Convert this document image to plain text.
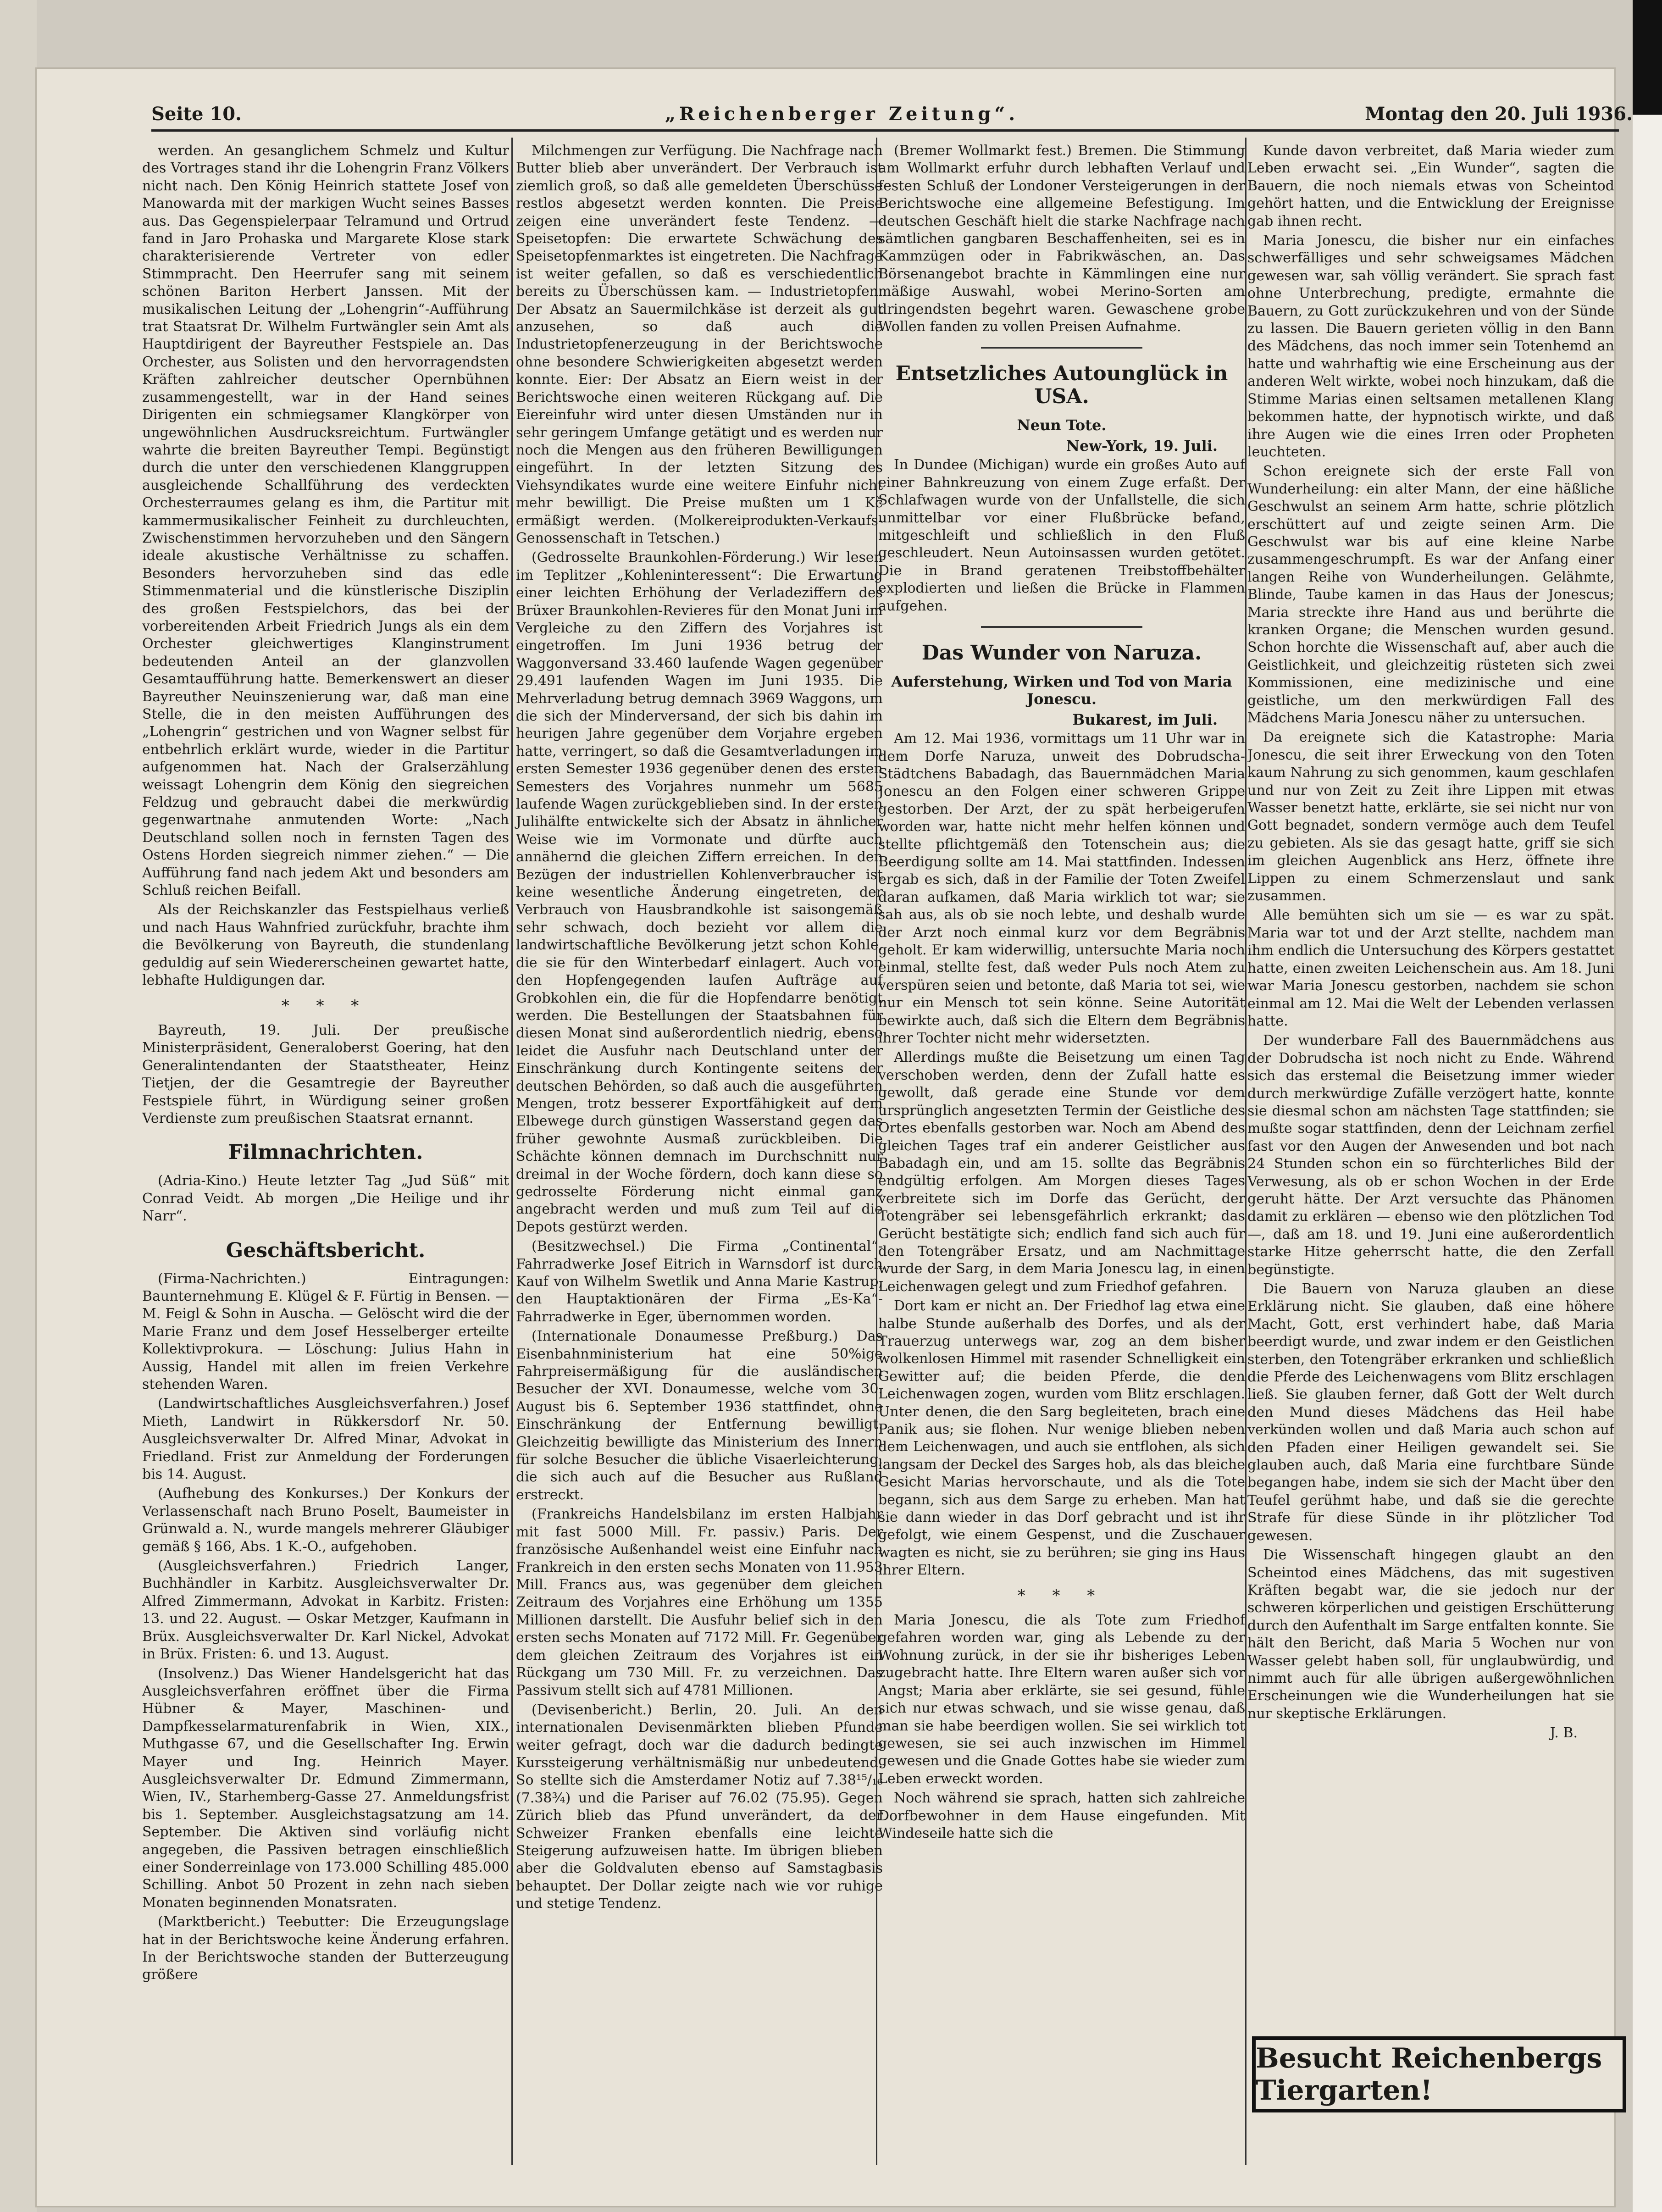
Seite 10.	„Reichenberger Zeitung“.	Montag den 20. Juli 1936.

werden. An gesanglichem Schmelz und Kultur des Vortrages stand ihr die Lohengrin Franz Völkers nicht nach. Den König Heinrich stattete Josef von Manowarda mit der markigen Wucht seines Basses aus. Das Gegenspielerpaar Telramund und Ortrud fand in Jaro Prohaska und Margarete Klose stark charakterisierende Vertreter von edler Stimmpracht. Den Heerrufer sang mit seinem schönen Bariton Herbert Janssen. Mit der musikalischen Leitung der „Lohengrin“-Aufführung trat Staatsrat Dr. Wilhelm Furtwängler sein Amt als Hauptdirigent der Bayreuther Festspiele an. Das Orchester, aus Solisten und den hervorragendsten Kräften zahlreicher deutscher Opernbühnen zusammengestellt, war in der Hand seines Dirigenten ein schmiegsamer Klangkörper von ungewöhnlichen Ausdrucksreichtum. Furtwängler wahrte die breiten Bayreuther Tempi. Begünstigt durch die unter den verschiedenen Klanggruppen ausgleichende Schallführung des verdeckten Orchesterraumes gelang es ihm, die Partitur mit kammermusikalischer Feinheit zu durchleuchten, Zwischenstimmen hervorzuheben und den Sängern ideale akustische Verhältnisse zu schaffen. Besonders hervorzuheben sind das edle Stimmenmaterial und die künstlerische Disziplin des großen Festspielchors, das bei der vorbereitenden Arbeit Friedrich Jungs als ein dem Orchester gleichwertiges Klanginstrument bedeutenden Anteil an der glanzvollen Gesamtaufführung hatte. Bemerkenswert an dieser Bayreuther Neuinszenierung war, daß man eine Stelle, die in den meisten Aufführungen des „Lohengrin“ gestrichen und von Wagner selbst für entbehrlich erklärt wurde, wieder in die Partitur aufgenommen hat. Nach der Gralserzählung weissagt Lohengrin dem König den siegreichen Feldzug und gebraucht dabei die merkwürdig gegenwartnahe anmutenden Worte: „Nach Deutschland sollen noch in fernsten Tagen des Ostens Horden siegreich nimmer ziehen.“ — Die Aufführung fand nach jedem Akt und besonders am Schluß reichen Beifall.

Als der Reichskanzler das Festspielhaus verließ und nach Haus Wahnfried zurückfuhr, brachte ihm die Bevölkerung von Bayreuth, die stundenlang geduldig auf sein Wiedererscheinen gewartet hatte, lebhafte Huldigungen dar.

* * *

Bayreuth, 19. Juli. Der preußische Ministerpräsident, Generaloberst Goering, hat den Generalintendanten der Staatstheater, Heinz Tietjen, der die Gesamtregie der Bayreuther Festspiele führt, in Würdigung seiner großen Verdienste zum preußischen Staatsrat ernannt.

Filmnachrichten.

(Adria-Kino.) Heute letzter Tag „Jud Süß“ mit Conrad Veidt. Ab morgen „Die Heilige und ihr Narr“.

Geschäftsbericht.

(Firma-Nachrichten.) Eintragungen: Baunternehmung E. Klügel & F. Fürtig in Bensen. — M. Feigl & Sohn in Auscha. — Gelöscht wird die der Marie Franz und dem Josef Hesselberger erteilte Kollektivprokura. — Löschung: Julius Hahn in Aussig, Handel mit allen im freien Verkehre stehenden Waren.

(Landwirtschaftliches Ausgleichsverfahren.) Josef Mieth, Landwirt in Rükkersdorf Nr. 50. Ausgleichsverwalter Dr. Alfred Minar, Advokat in Friedland. Frist zur Anmeldung der Forderungen bis 14. August.

(Aufhebung des Konkurses.) Der Konkurs der Verlassenschaft nach Bruno Poselt, Baumeister in Grünwald a. N., wurde mangels mehrerer Gläubiger gemäß § 166, Abs. 1 K.-O., aufgehoben.

(Ausgleichsverfahren.) Friedrich Langer, Buchhändler in Karbitz. Ausgleichsverwalter Dr. Alfred Zimmermann, Advokat in Karbitz. Fristen: 13. und 22. August. — Oskar Metzger, Kaufmann in Brüx. Ausgleichsverwalter Dr. Karl Nickel, Advokat in Brüx. Fristen: 6. und 13. August.

(Insolvenz.) Das Wiener Handelsgericht hat das Ausgleichsverfahren eröffnet über die Firma Hübner & Mayer, Maschinen- und Dampfkesselarmaturenfabrik in Wien, XIX., Muthgasse 67, und die Gesellschafter Ing. Erwin Mayer und Ing. Heinrich Mayer. Ausgleichsverwalter Dr. Edmund Zimmermann, Wien, IV., Starhemberg-Gasse 27. Anmeldungsfrist bis 1. September. Ausgleichstagsatzung am 14. September. Die Aktiven sind vorläufig nicht angegeben, die Passiven betragen einschließlich einer Sonderreinlage von 173.000 Schilling 485.000 Schilling. Anbot 50 Prozent in zehn nach sieben Monaten beginnenden Monatsraten.

(Marktbericht.) Teebutter: Die Erzeugungslage hat in der Berichtswoche keine Änderung erfahren. In der Berichtswoche standen der Butterzeugung größere

Milchmengen zur Verfügung. Die Nachfrage nach Butter blieb aber unverändert. Der Verbrauch ist ziemlich groß, so daß alle gemeldeten Überschüsse restlos abgesetzt werden konnten. Die Preise zeigen eine unverändert feste Tendenz. — Speisetopfen: Die erwartete Schwächung des Speisetopfenmarktes ist eingetreten. Die Nachfrage ist weiter gefallen, so daß es verschiedentlich bereits zu Überschüssen kam. — Industrietopfen: Der Absatz an Sauermilchkäse ist derzeit als gut anzusehen, so daß auch die Industrietopfenerzeugung in der Berichtswoche ohne besondere Schwierigkeiten abgesetzt werden konnte. Eier: Der Absatz an Eiern weist in der Berichtswoche einen weiteren Rückgang auf. Die Eiereinfuhr wird unter diesen Umständen nur in sehr geringem Umfange getätigt und es werden nur noch die Mengen aus den früheren Bewilligungen eingeführt. In der letzten Sitzung des Viehsyndikates wurde eine weitere Einfuhr nicht mehr bewilligt. Die Preise mußten um 1 Kč ermäßigt werden. (Molkereiprodukten-Verkaufs-Genossenschaft in Tetschen.)

(Gedrosselte Braunkohlen-Förderung.) Wir lesen im Teplitzer „Kohleninteressent“: Die Erwartung einer leichten Erhöhung der Verladeziffern des Brüxer Braunkohlen-Revieres für den Monat Juni im Vergleiche zu den Ziffern des Vorjahres ist eingetroffen. Im Juni 1936 betrug der Waggonversand 33.460 laufende Wagen gegenüber 29.491 laufenden Wagen im Juni 1935. Die Mehrverladung betrug demnach 3969 Waggons, um die sich der Minderversand, der sich bis dahin im heurigen Jahre gegenüber dem Vorjahre ergeben hatte, verringert, so daß die Gesamtverladungen im ersten Semester 1936 gegenüber denen des ersten Semesters des Vorjahres nunmehr um 5685 laufende Wagen zurückgeblieben sind. In der ersten Julihälfte entwickelte sich der Absatz in ähnlicher Weise wie im Vormonate und dürfte auch annähernd die gleichen Ziffern erreichen. In den Bezügen der industriellen Kohlenverbraucher ist keine wesentliche Änderung eingetreten, der Verbrauch von Hausbrandkohle ist saisongemäß sehr schwach, doch bezieht vor allem die landwirtschaftliche Bevölkerung jetzt schon Kohle, die sie für den Winterbedarf einlagert. Auch von den Hopfengegenden laufen Aufträge auf Grobkohlen ein, die für die Hopfendarre benötigt werden. Die Bestellungen der Staatsbahnen für diesen Monat sind außerordentlich niedrig, ebenso leidet die Ausfuhr nach Deutschland unter der Einschränkung durch Kontingente seitens der deutschen Behörden, so daß auch die ausgeführten Mengen, trotz besserer Exportfähigkeit auf dem Elbewege durch günstigen Wasserstand gegen das früher gewohnte Ausmaß zurückbleiben. Die Schächte können demnach im Durchschnitt nur dreimal in der Woche fördern, doch kann diese so gedrosselte Förderung nicht einmal ganz angebracht werden und muß zum Teil auf die Depots gestürzt werden.

(Besitzwechsel.) Die Firma „Continental“-Fahrradwerke Josef Eitrich in Warnsdorf ist durch Kauf von Wilhelm Swetlik und Anna Marie Kastrup, den Hauptaktionären der Firma „Es-Ka“-Fahrradwerke in Eger, übernommen worden.

(Internationale Donaumesse Preßburg.) Das Eisenbahnministerium hat eine 50%ige Fahrpreisermäßigung für die ausländischen Besucher der XVI. Donaumesse, welche vom 30. August bis 6. September 1936 stattfindet, ohne Einschränkung der Entfernung bewilligt. Gleichzeitig bewilligte das Ministerium des Innern für solche Besucher die übliche Visaerleichterung, die sich auch auf die Besucher aus Rußland erstreckt.

(Frankreichs Handelsbilanz im ersten Halbjahr mit fast 5000 Mill. Fr. passiv.) Paris. Der französische Außenhandel weist eine Einfuhr nach Frankreich in den ersten sechs Monaten von 11.953 Mill. Francs aus, was gegenüber dem gleichen Zeitraum des Vorjahres eine Erhöhung um 1355 Millionen darstellt. Die Ausfuhr belief sich in den ersten sechs Monaten auf 7172 Mill. Fr. Gegenüber dem gleichen Zeitraum des Vorjahres ist ein Rückgang um 730 Mill. Fr. zu verzeichnen. Das Passivum stellt sich auf 4781 Millionen.

(Devisenbericht.) Berlin, 20. Juli. An den internationalen Devisenmärkten blieben Pfunde weiter gefragt, doch war die dadurch bedingte Kurssteigerung verhältnismäßig nur unbedeutend. So stellte sich die Amsterdamer Notiz auf 7.38¹⁵/₁₆ (7.38¾) und die Pariser auf 76.02 (75.95). Gegen Zürich blieb das Pfund unverändert, da der Schweizer Franken ebenfalls eine leichte Steigerung aufzuweisen hatte. Im übrigen blieben aber die Goldvaluten ebenso auf Samstagbasis behauptet. Der Dollar zeigte nach wie vor ruhige und stetige Tendenz.

(Bremer Wollmarkt fest.) Bremen. Die Stimmung am Wollmarkt erfuhr durch lebhaften Verlauf und festen Schluß der Londoner Versteigerungen in der Berichtswoche eine allgemeine Befestigung. Im deutschen Geschäft hielt die starke Nachfrage nach sämtlichen gangbaren Beschaffenheiten, sei es in Kammzügen oder in Fabrikwäschen, an. Das Börsenangebot brachte in Kämmlingen eine nur mäßige Auswahl, wobei Merino-Sorten am dringendsten begehrt waren. Gewaschene grobe Wollen fanden zu vollen Preisen Aufnahme.

Entsetzliches Autounglück in USA.
Neun Tote.
New-York, 19. Juli.

In Dundee (Michigan) wurde ein großes Auto auf einer Bahnkreuzung von einem Zuge erfaßt. Der Schlafwagen wurde von der Unfallstelle, die sich unmittelbar vor einer Flußbrücke befand, mitgeschleift und schließlich in den Fluß geschleudert. Neun Autoinsassen wurden getötet. Die in Brand geratenen Treibstoffbehälter explodierten und ließen die Brücke in Flammen aufgehen.

Das Wunder von Naruza.
Auferstehung, Wirken und Tod von Maria Jonescu.
Bukarest, im Juli.

Am 12. Mai 1936, vormittags um 11 Uhr war in dem Dorfe Naruza, unweit des Dobrudscha-Städtchens Babadagh, das Bauernmädchen Maria Jonescu an den Folgen einer schweren Grippe gestorben. Der Arzt, der zu spät herbeigerufen worden war, hatte nicht mehr helfen können und stellte pflichtgemäß den Totenschein aus; die Beerdigung sollte am 14. Mai stattfinden. Indessen ergab es sich, daß in der Familie der Toten Zweifel daran aufkamen, daß Maria wirklich tot war; sie sah aus, als ob sie noch lebte, und deshalb wurde der Arzt noch einmal kurz vor dem Begräbnis geholt. Er kam widerwillig, untersuchte Maria noch einmal, stellte fest, daß weder Puls noch Atem zu verspüren seien und betonte, daß Maria tot sei, wie nur ein Mensch tot sein könne. Seine Autorität bewirkte auch, daß sich die Eltern dem Begräbnis ihrer Tochter nicht mehr widersetzten.

Allerdings mußte die Beisetzung um einen Tag verschoben werden, denn der Zufall hatte es gewollt, daß gerade eine Stunde vor dem ursprünglich angesetzten Termin der Geistliche des Ortes ebenfalls gestorben war. Noch am Abend des gleichen Tages traf ein anderer Geistlicher aus Babadagh ein, und am 15. sollte das Begräbnis endgültig erfolgen. Am Morgen dieses Tages verbreitete sich im Dorfe das Gerücht, der Totengräber sei lebensgefährlich erkrankt; das Gerücht bestätigte sich; endlich fand sich auch für den Totengräber Ersatz, und am Nachmittage wurde der Sarg, in dem Maria Jonescu lag, in einen Leichenwagen gelegt und zum Friedhof gefahren.

Dort kam er nicht an. Der Friedhof lag etwa eine halbe Stunde außerhalb des Dorfes, und als der Trauerzug unterwegs war, zog an dem bisher wolkenlosen Himmel mit rasender Schnelligkeit ein Gewitter auf; die beiden Pferde, die den Leichenwagen zogen, wurden vom Blitz erschlagen. Unter denen, die den Sarg begleiteten, brach eine Panik aus; sie flohen. Nur wenige blieben neben dem Leichenwagen, und auch sie entflohen, als sich langsam der Deckel des Sarges hob, als das bleiche Gesicht Marias hervorschaute, und als die Tote begann, sich aus dem Sarge zu erheben. Man hat sie dann wieder in das Dorf gebracht und ist ihr gefolgt, wie einem Gespenst, und die Zuschauer wagten es nicht, sie zu berühren; sie ging ins Haus ihrer Eltern.

* * *

Maria Jonescu, die als Tote zum Friedhof gefahren worden war, ging als Lebende zu der Wohnung zurück, in der sie ihr bisheriges Leben zugebracht hatte. Ihre Eltern waren außer sich vor Angst; Maria aber erklärte, sie sei gesund, fühle sich nur etwas schwach, und sie wisse genau, daß man sie habe beerdigen wollen. Sie sei wirklich tot gewesen, sie sei auch inzwischen im Himmel gewesen und die Gnade Gottes habe sie wieder zum Leben erweckt worden.

Noch während sie sprach, hatten sich zahlreiche Dorfbewohner in dem Hause eingefunden. Mit Windeseile hatte sich die

Kunde davon verbreitet, daß Maria wieder zum Leben erwacht sei. „Ein Wunder“, sagten die Bauern, die noch niemals etwas von Scheintod gehört hatten, und die Entwicklung der Ereignisse gab ihnen recht.

Maria Jonescu, die bisher nur ein einfaches schwerfälliges und sehr schweigsames Mädchen gewesen war, sah völlig verändert. Sie sprach fast ohne Unterbrechung, predigte, ermahnte die Bauern, zu Gott zurückzukehren und von der Sünde zu lassen. Die Bauern gerieten völlig in den Bann des Mädchens, das noch immer sein Totenhemd an hatte und wahrhaftig wie eine Erscheinung aus der anderen Welt wirkte, wobei noch hinzukam, daß die Stimme Marias einen seltsamen metallenen Klang bekommen hatte, der hypnotisch wirkte, und daß ihre Augen wie die eines Irren oder Propheten leuchteten.

Schon ereignete sich der erste Fall von Wunderheilung: ein alter Mann, der eine häßliche Geschwulst an seinem Arm hatte, schrie plötzlich erschüttert auf und zeigte seinen Arm. Die Geschwulst war bis auf eine kleine Narbe zusammengeschrumpft. Es war der Anfang einer langen Reihe von Wunderheilungen. Gelähmte, Blinde, Taube kamen in das Haus der Jonescus; Maria streckte ihre Hand aus und berührte die kranken Organe; die Menschen wurden gesund. Schon horchte die Wissenschaft auf, aber auch die Geistlichkeit, und gleichzeitig rüsteten sich zwei Kommissionen, eine medizinische und eine geistliche, um den merkwürdigen Fall des Mädchens Maria Jonescu näher zu untersuchen.

Da ereignete sich die Katastrophe: Maria Jonescu, die seit ihrer Erweckung von den Toten kaum Nahrung zu sich genommen, kaum geschlafen und nur von Zeit zu Zeit ihre Lippen mit etwas Wasser benetzt hatte, erklärte, sie sei nicht nur von Gott begnadet, sondern vermöge auch dem Teufel zu gebieten. Als sie das gesagt hatte, griff sie sich im gleichen Augenblick ans Herz, öffnete ihre Lippen zu einem Schmerzenslaut und sank zusammen.

Alle bemühten sich um sie — es war zu spät. Maria war tot und der Arzt stellte, nachdem man ihm endlich die Untersuchung des Körpers gestattet hatte, einen zweiten Leichenschein aus. Am 18. Juni war Maria Jonescu gestorben, nachdem sie schon einmal am 12. Mai die Welt der Lebenden verlassen hatte.

Der wunderbare Fall des Bauernmädchens aus der Dobrudscha ist noch nicht zu Ende. Während sich das erstemal die Beisetzung immer wieder durch merkwürdige Zufälle verzögert hatte, konnte sie diesmal schon am nächsten Tage stattfinden; sie mußte sogar stattfinden, denn der Leichnam zerfiel fast vor den Augen der Anwesenden und bot nach 24 Stunden schon ein so fürchterliches Bild der Verwesung, als ob er schon Wochen in der Erde geruht hätte. Der Arzt versuchte das Phänomen damit zu erklären — ebenso wie den plötzlichen Tod —, daß am 18. und 19. Juni eine außerordentlich starke Hitze geherrscht hatte, die den Zerfall begünstigte.

Die Bauern von Naruza glauben an diese Erklärung nicht. Sie glauben, daß eine höhere Macht, Gott, erst verhindert habe, daß Maria beerdigt wurde, und zwar indem er den Geistlichen sterben, den Totengräber erkranken und schließlich die Pferde des Leichenwagens vom Blitz erschlagen ließ. Sie glauben ferner, daß Gott der Welt durch den Mund dieses Mädchens das Heil habe verkünden wollen und daß Maria auch schon auf den Pfaden einer Heiligen gewandelt sei. Sie glauben auch, daß Maria eine furchtbare Sünde begangen habe, indem sie sich der Macht über den Teufel gerühmt habe, und daß sie die gerechte Strafe für diese Sünde in ihr plötzlicher Tod gewesen.

Die Wissenschaft hingegen glaubt an den Scheintod eines Mädchens, das mit sugestiven Kräften begabt war, die sie jedoch nur der schweren körperlichen und geistigen Erschütterung durch den Aufenthalt im Sarge entfalten konnte. Sie hält den Bericht, daß Maria 5 Wochen nur von Wasser gelebt haben soll, für unglaubwürdig, und nimmt auch für alle übrigen außergewöhnlichen Erscheinungen wie die Wunderheilungen hat sie nur skeptische Erklärungen.

J. B.

Besucht Reichenbergs Tiergarten!
